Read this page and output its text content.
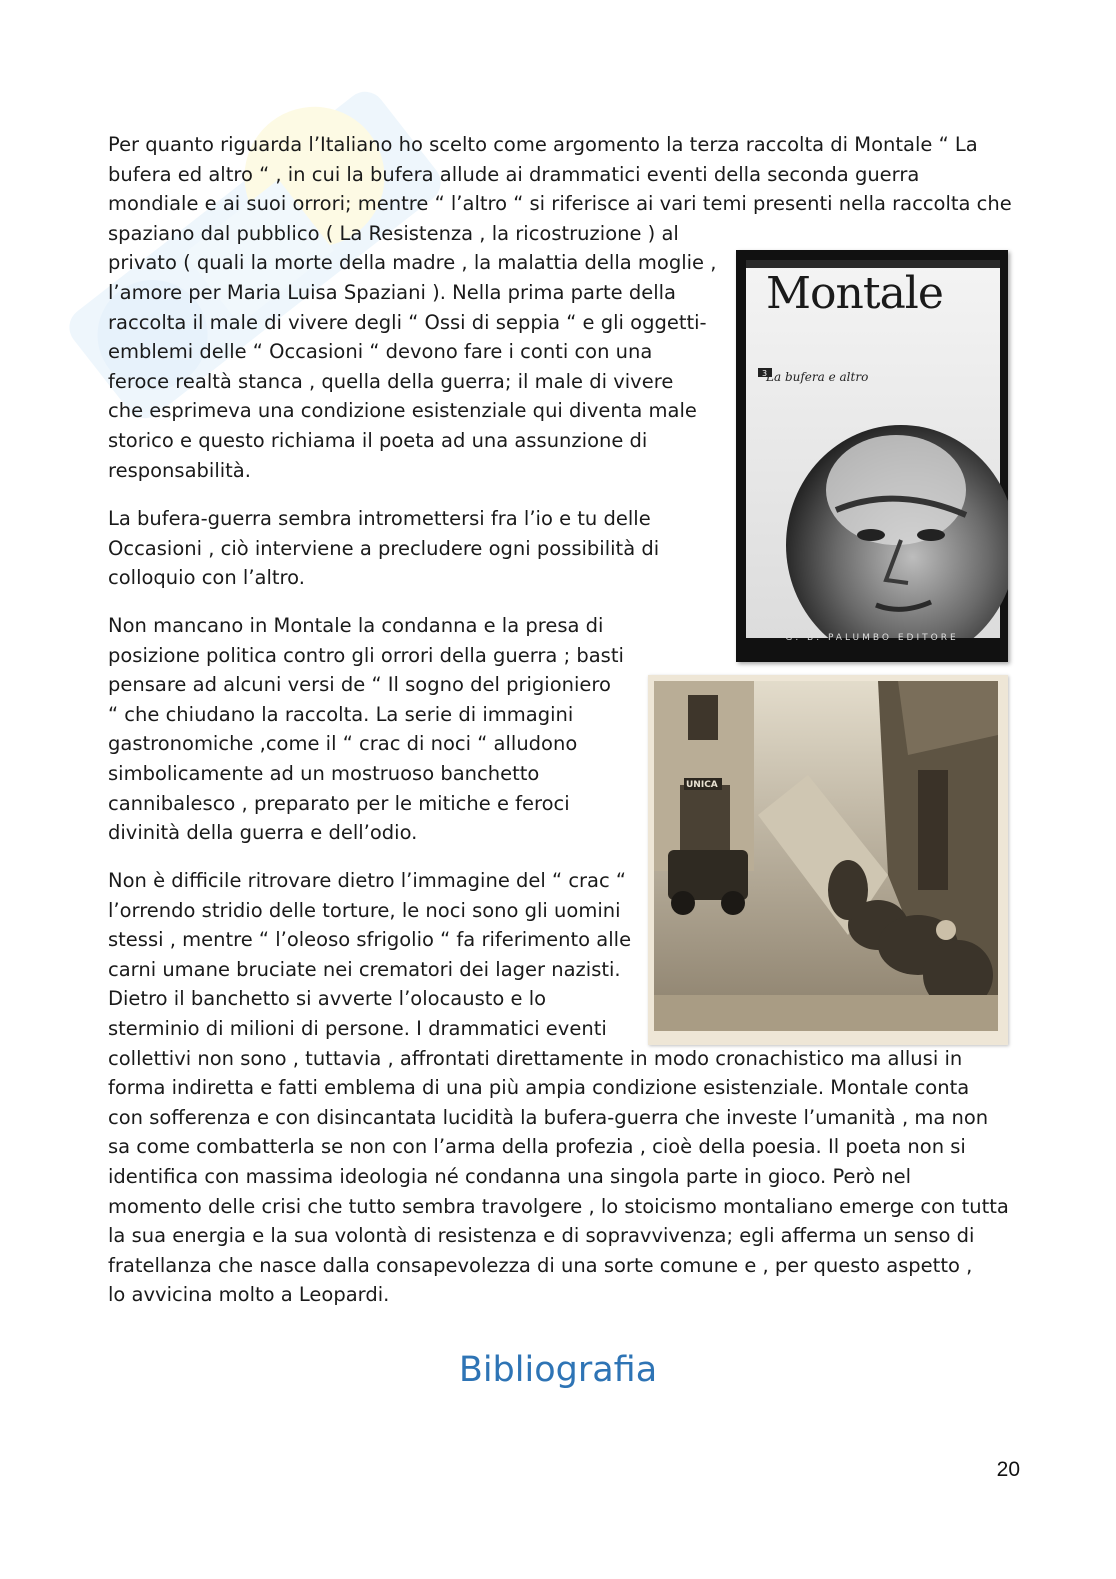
Per quanto riguarda l’Italiano ho scelto come argomento la terza raccolta di Montale “ La
bufera ed altro “ , in cui la bufera allude ai drammatici eventi della seconda guerra
mondiale e ai suoi orrori; mentre “ l’altro “ si riferisce ai vari temi presenti nella raccolta che
spaziano dal pubblico ( La Resistenza , la ricostruzione ) al
privato ( quali la morte della madre , la malattia della moglie ,
l’amore per Maria Luisa Spaziani ). Nella prima parte della
raccolta il male di vivere degli “ Ossi di seppia “ e gli oggetti-
emblemi delle “ Occasioni “ devono fare i conti con una
feroce realtà stanca , quella della guerra; il male di vivere
che esprimeva una condizione esistenziale qui diventa male
storico e questo richiama il poeta ad una assunzione di
responsabilità.
La bufera-guerra sembra intromettersi fra l’io e tu delle
Occasioni , ciò interviene a precludere ogni possibilità di
colloquio con l’altro.
Non mancano in Montale la condanna e la presa di
posizione politica contro gli orrori della guerra ; basti
pensare ad alcuni versi de “ Il sogno del prigioniero
“ che chiudano la raccolta. La serie di immagini
gastronomiche ,come il “ crac di noci “ alludono
simbolicamente ad un mostruoso banchetto
cannibalesco , preparato per le mitiche e feroci
divinità della guerra e dell’odio.
Non è difficile ritrovare dietro l’immagine del “ crac “
l’orrendo stridio delle torture, le noci sono gli uomini
stessi , mentre “ l’oleoso sfrigolio “ fa riferimento alle
carni umane bruciate nei crematori dei lager nazisti.
Dietro il banchetto si avverte l’olocausto e lo
sterminio di milioni di persone. I drammatici eventi
collettivi non sono , tuttavia , affrontati direttamente in modo cronachistico ma allusi in
forma indiretta e fatti emblema di una più ampia condizione esistenziale. Montale conta
con sofferenza e con disincantata lucidità la bufera-guerra che investe l’umanità , ma non
sa come combatterla se non con l’arma della profezia , cioè della poesia. Il poeta non si
identifica con massima ideologia né condanna una singola parte in gioco. Però nel
momento delle crisi che tutto sembra travolgere , lo stoicismo montaliano emerge con tutta
la sua energia e la sua volontà di resistenza e di sopravvivenza; egli afferma un senso di
fratellanza che nasce dalla consapevolezza di una sorte comune e , per questo aspetto ,
lo avvicina molto a Leopardi.
3
Montale
La bufera e altro
G. B. PALUMBO EDITORE
UNICA
Bibliografia
20
